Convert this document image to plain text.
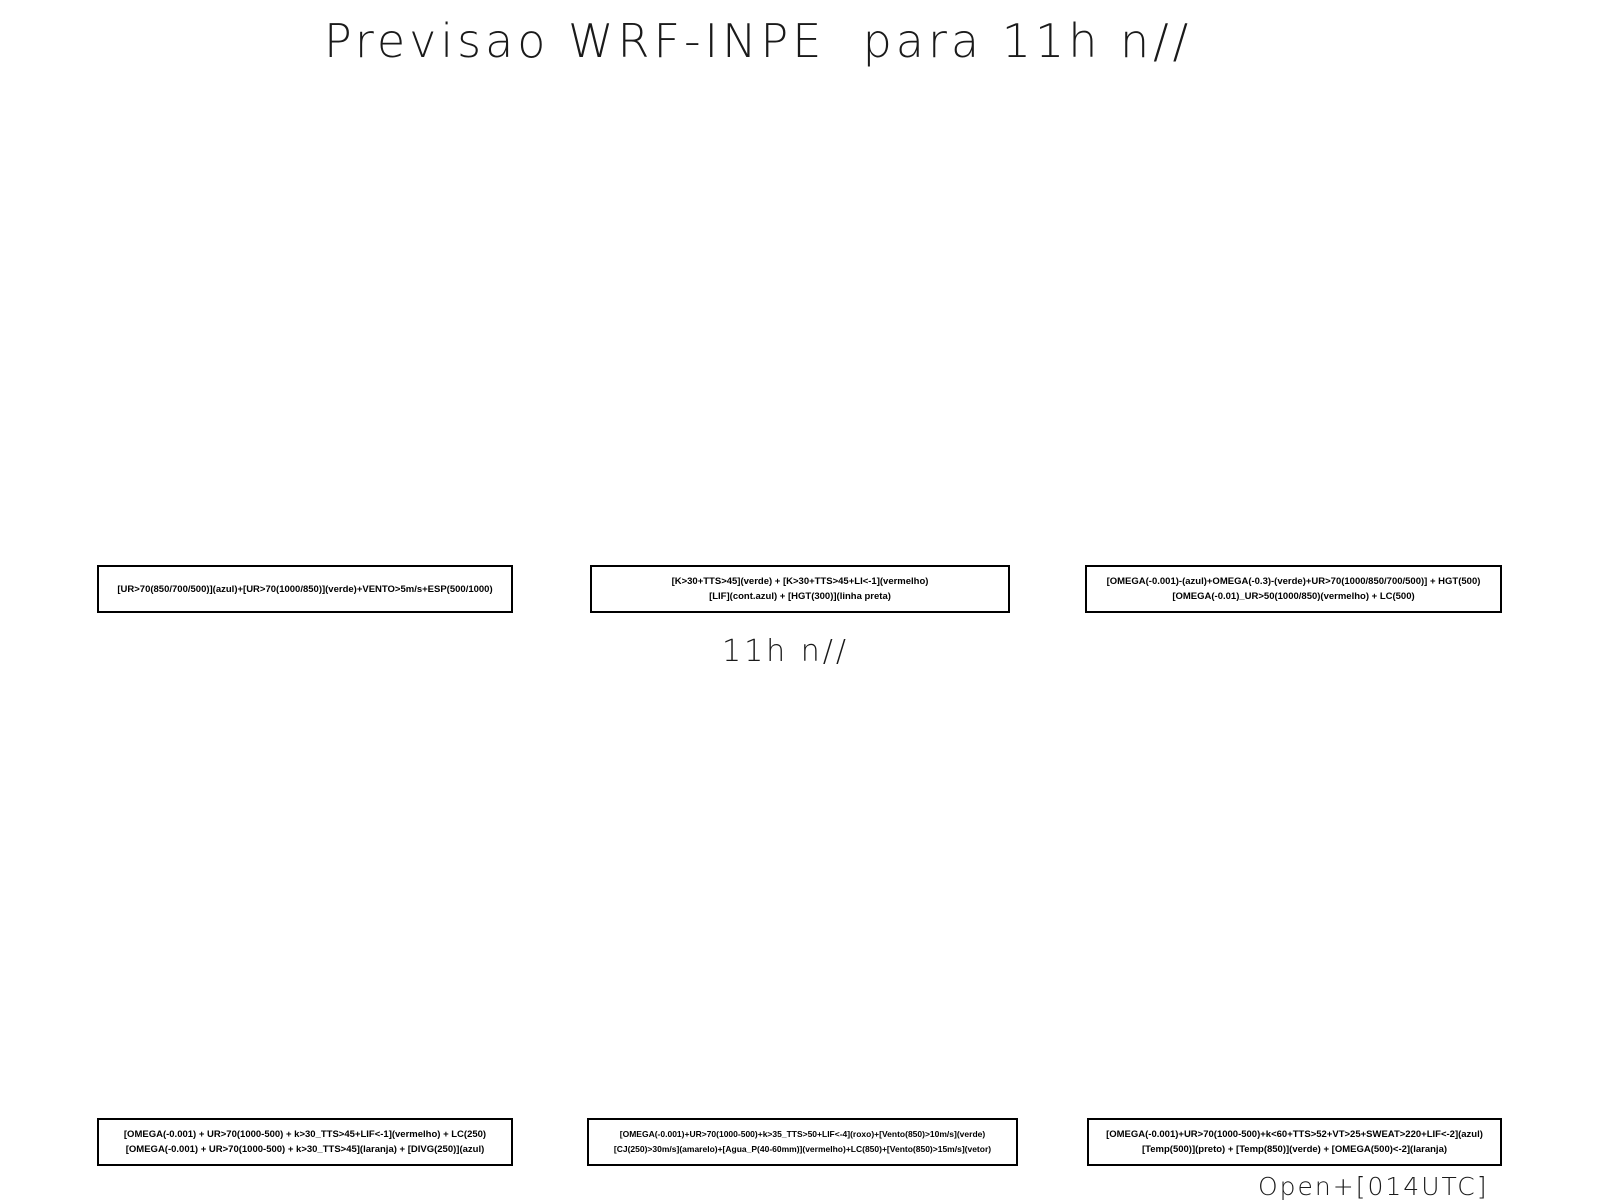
Previsao WRF-INPE  para 11h n//
[UR>70(850/700/500)](azul)+[UR>70(1000/850)](verde)+VENTO>5m/s+ESP(500/1000)
[K>30+TTS>45](verde) + [K>30+TTS>45+LI<-1](vermelho)
[LIF](cont.azul) + [HGT(300)](linha preta)
[OMEGA(-0.001)-(azul)+OMEGA(-0.3)-(verde)+UR>70(1000/850/700/500)] + HGT(500)
[OMEGA(-0.01)_UR>50(1000/850)(vermelho) + LC(500)
11h n//
[OMEGA(-0.001) + UR>70(1000-500) + k>30_TTS>45+LIF<-1](vermelho) + LC(250)
[OMEGA(-0.001) + UR>70(1000-500) + k>30_TTS>45](laranja) + [DIVG(250)](azul)
[OMEGA(-0.001)+UR>70(1000-500)+k>35_TTS>50+LIF<-4](roxo)+[Vento(850)>10m/s](verde)
[CJ(250)>30m/s](amarelo)+[Agua_P(40-60mm)](vermelho)+LC(850)+[Vento(850)>15m/s](vetor)
[OMEGA(-0.001)+UR>70(1000-500)+k<60+TTS>52+VT>25+SWEAT>220+LIF<-2](azul)
[Temp(500)](preto) + [Temp(850)](verde) + [OMEGA(500)<-2](laranja)
Open+[014UTC]
